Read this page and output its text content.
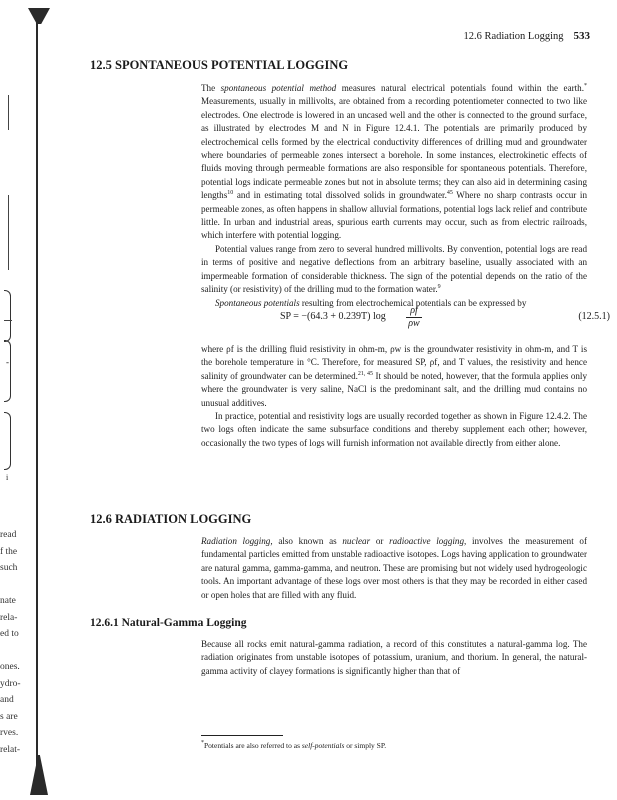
-
i
read
f the
such

nate
rela-
ed to

ones.
ydro-
and
s are
rves.
relat-
12.6 Radiation Logging 533
12.5 SPONTANEOUS POTENTIAL LOGGING

The spontaneous potential method measures natural electrical potentials found within the earth.* Measurements, usually in millivolts, are obtained from a recording potentiometer connected to two like electrodes. One electrode is lowered in an uncased well and the other is connected to the ground surface, as illustrated by electrodes M and N in Figure 12.4.1. The potentials are primarily produced by electrochemical cells formed by the electrical conductivity differences of drilling mud and groundwater where boundaries of permeable zones intersect a borehole. In some instances, electrokinetic effects of fluids moving through permeable formations are also responsible for spontaneous potentials. Therefore, potential logs indicate permeable zones but not in absolute terms; they can also aid in determining casing lengths$^{10}$ and in estimating total dissolved solids in groundwater.$^{45}$ Where no sharp contrasts occur in permeable zones, as often happens in shallow alluvial formations, potential logs lack relief and contribute little. In urban and industrial areas, spurious earth currents may occur, such as from electric railroads, which interfere with potential logging.

Potential values range from zero to several hundred millivolts. By convention, potential logs are read in terms of positive and negative deflections from an arbitrary baseline, usually associated with an impermeable formation of considerable thickness. The sign of the potential depends on the ratio of the salinity (or resistivity) of the drilling mud to the formation water.$^9$

Spontaneous potentials resulting from electrochemical potentials can be expressed by

SP = −(64.3 + 0.239T) $\log \frac{\rho f}{\rho w}$	(12.5.1)

where ρf is the drilling fluid resistivity in ohm-m, ρw is the groundwater resistivity in ohm-m, and T is the borehole temperature in °C. Therefore, for measured SP, ρf, and T values, the resistivity and hence salinity of groundwater can be determined.$^{21, 45}$ It should be noted, however, that the formula applies only where the groundwater is very saline, NaCl is the predominant salt, and the drilling mud contains no unusual additives.

In practice, potential and resistivity logs are usually recorded together as shown in Figure 12.4.2. The two logs often indicate the same subsurface conditions and thereby supplement each other; however, occasionally the two types of logs will furnish information not available directly from either alone.

12.6 RADIATION LOGGING

Radiation logging, also known as nuclear or radioactive logging, involves the measurement of fundamental particles emitted from unstable radioactive isotopes. Logs having application to groundwater are natural gamma, gamma-gamma, and neutron. These are promising but not widely used hydrogeologic tools. An important advantage of these logs over most others is that they may be recorded in either cased or open holes that are filled with any fluid.

12.6.1 Natural-Gamma Logging

Because all rocks emit natural-gamma radiation, a record of this constitutes a natural-gamma log. The radiation originates from unstable isotopes of potassium, uranium, and thorium. In general, the natural-gamma activity of clayey formations is significantly higher than that of

*Potentials are also referred to as self-potentials or simply SP.
